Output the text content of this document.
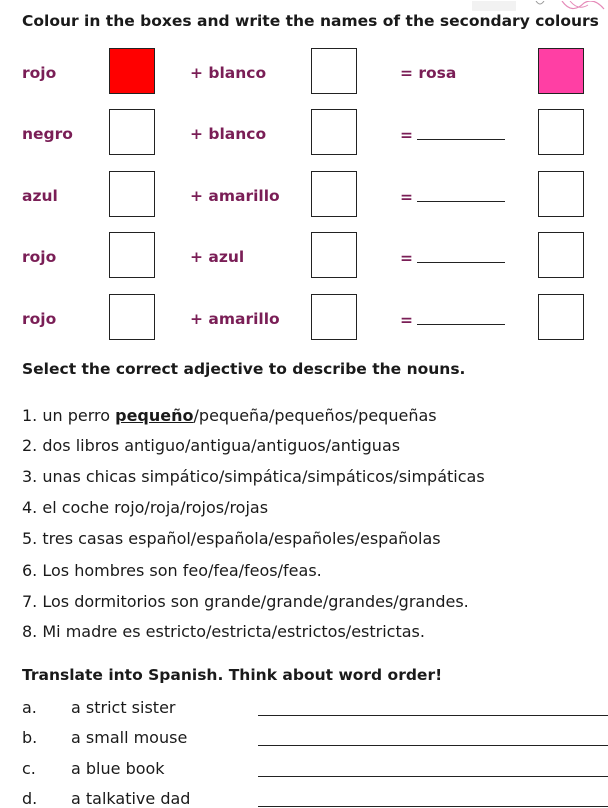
Colour in the boxes and write the names of the secondary colours
rojo	+ blanco	= rosa
negro	+ blanco	=
azul	+ amarillo	=
rojo	+ azul	=
rojo	+ amarillo	=
Select the correct adjective to describe the nouns.
1. un perro pequeño/pequeña/pequeños/pequeñas
2. dos libros antiguo/antigua/antiguos/antiguas
3. unas chicas simpático/simpática/simpáticos/simpáticas
4. el coche rojo/roja/rojos/rojas
5. tres casas español/española/españoles/españolas
6. Los hombres son feo/fea/feos/feas.
7. Los dormitorios son grande/grande/grandes/grandes.
8. Mi madre es estricto/estricta/estrictos/estrictas.
Translate into Spanish. Think about word order!
a. a strict sister
b. a small mouse
c. a blue book
d. a talkative dad
